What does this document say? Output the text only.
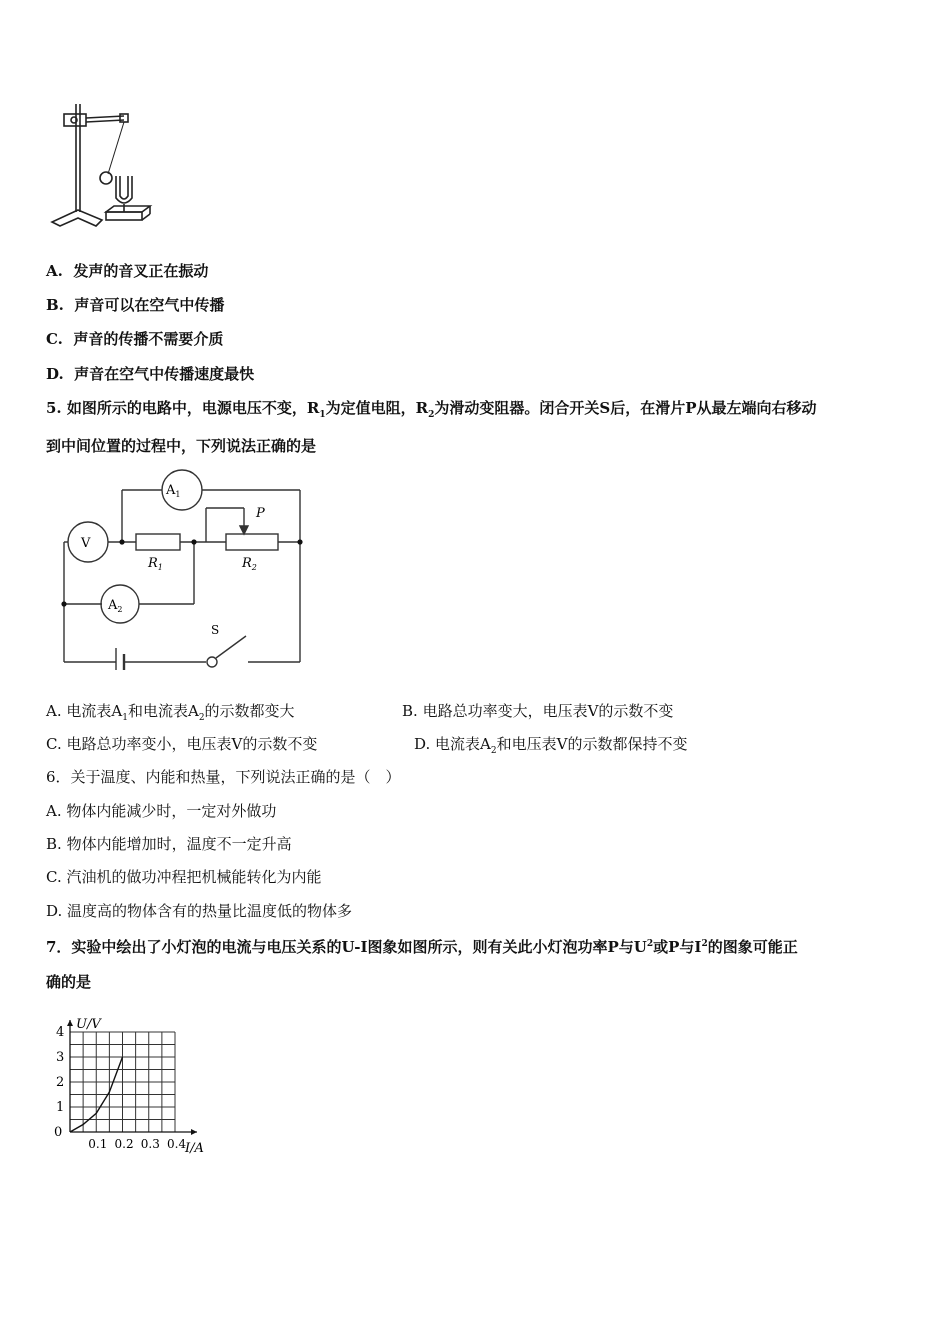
A. 发声的音叉正在振动
B. 声音可以在空气中传播
C. 声音的传播不需要介质
D. 声音在空气中传播速度最快
5. 如图所示的电路中，电源电压不变，$R_1$为定值电阻，$R_2$为滑动变阻器。闭合开关S后，在滑片P从最左端向右移动
到中间位置的过程中，下列说法正确的是
$A_1$
V
$A_2$
$R_1$	$R_2$
P
S
A. 电流表$A_1$和电流表$A_2$的示数都变大	B. 电路总功率变大，电压表V的示数不变
C. 电路总功率变小，电压表V的示数不变	D. 电流表$A_2$和电压表V的示数都保持不变
6．关于温度、内能和热量，下列说法正确的是（　）
A. 物体内能减少时，一定对外做功
B. 物体内能增加时，温度不一定升高
C. 汽油机的做功冲程把机械能转化为内能
D. 温度高的物体含有的热量比温度低的物体多
7．实验中绘出了小灯泡的电流与电压关系的U-I图象如图所示，则有关此小灯泡功率P与$U^2$或P与$I^2$的图象可能正
确的是
0.1 0.2 0.3 0.4
0
1
2
3
4
I/A
U/V
